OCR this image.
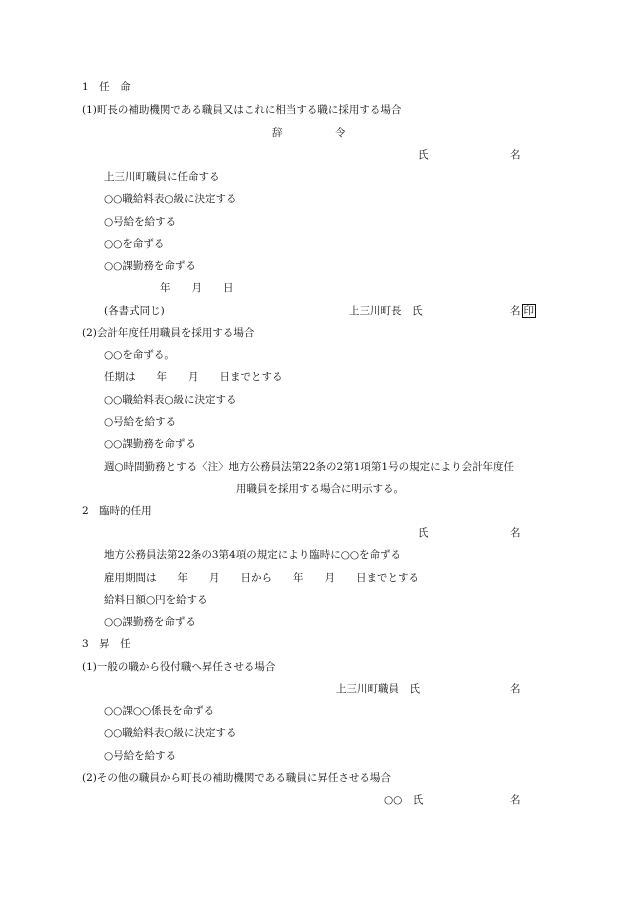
1　任　命
(1)町長の補助機関である職員又はこれに相当する職に採用する場合
辞　　　　　令
氏	名
上三川町職員に任命する
○○職給料表○級に決定する
○号給を給する
○○を命ずる
○○課勤務を命ずる
年　　月　　日
(各書式同じ)	上三川町長　氏	名 印
(2)会計年度任用職員を採用する場合
○○を命ずる。
任期は　　年　　月　　日までとする
○○職給料表○級に決定する
○号給を給する
○○課勤務を命ずる
週○時間勤務とする〈注〉地方公務員法第22条の2第1項第1号の規定により会計年度任
用職員を採用する場合に明示する。
2　臨時的任用
氏	名
地方公務員法第22条の3第4項の規定により臨時に○○を命ずる
雇用期間は　　年　　月　　日から　　年　　月　　日までとする
給料日額○円を給する
○○課勤務を命ずる
3　昇　任
(1)一般の職から役付職へ昇任させる場合
上三川町職員　氏	名
○○課○○係長を命ずる
○○職給料表○級に決定する
○号給を給する
(2)その他の職員から町長の補助機関である職員に昇任させる場合
○○　氏	名
